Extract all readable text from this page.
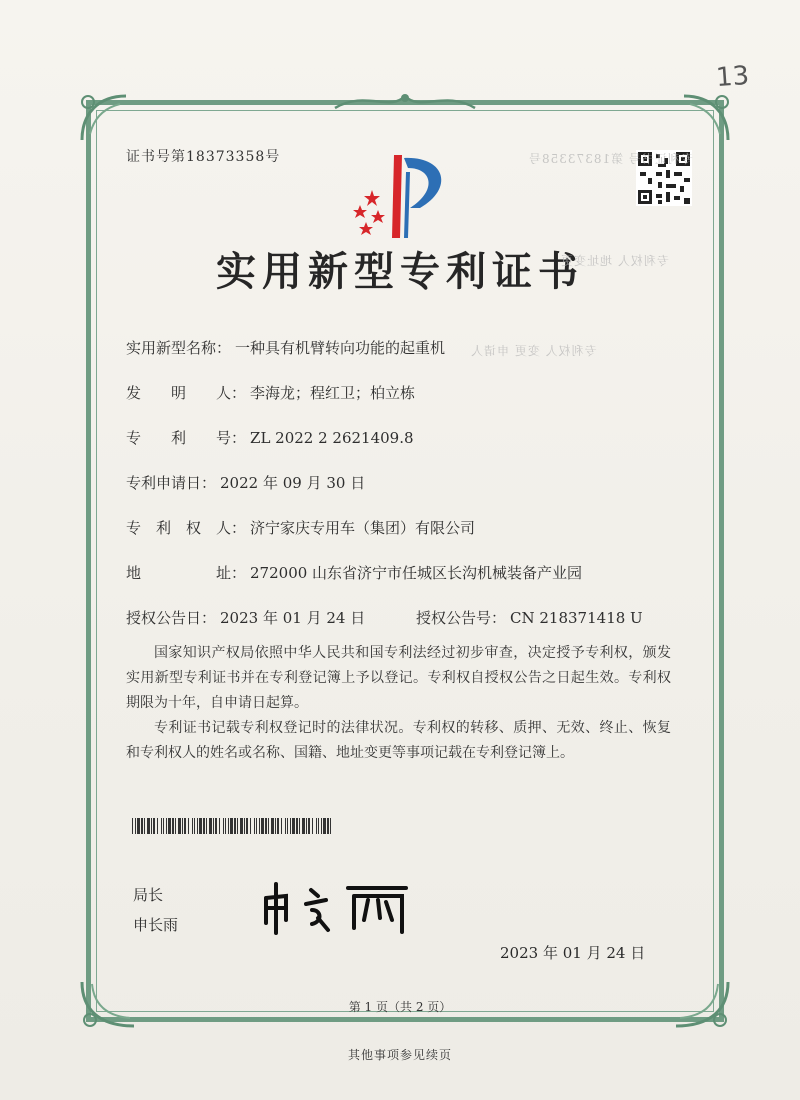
13
证书号第18373358号
实用新型专利证书
专利证书号 第18373358号
专利权人 地址变更
专利权人 变更 申请人
实用新型名称： 一种具有机臂转向功能的起重机
发　　明　　人： 李海龙；程红卫；柏立栋
专　　利　　号： ZL 2022 2 2621409.8
专利申请日： 2022 年 09 月 30 日
专　利　权　人： 济宁家庆专用车（集团）有限公司
地　　　　　址： 272000 山东省济宁市任城区长沟机械装备产业园
授权公告日： 2023 年 01 月 24 日	授权公告号： CN 218371418 U
国家知识产权局依照中华人民共和国专利法经过初步审查，决定授予专利权，颁发实用新型专利证书并在专利登记簿上予以登记。专利权自授权公告之日起生效。专利权期限为十年，自申请日起算。
专利证书记载专利权登记时的法律状况。专利权的转移、质押、无效、终止、恢复和专利权人的姓名或名称、国籍、地址变更等事项记载在专利登记簿上。
局长
申长雨
2023 年 01 月 24 日
第 1 页（共 2 页）
其他事项参见续页
